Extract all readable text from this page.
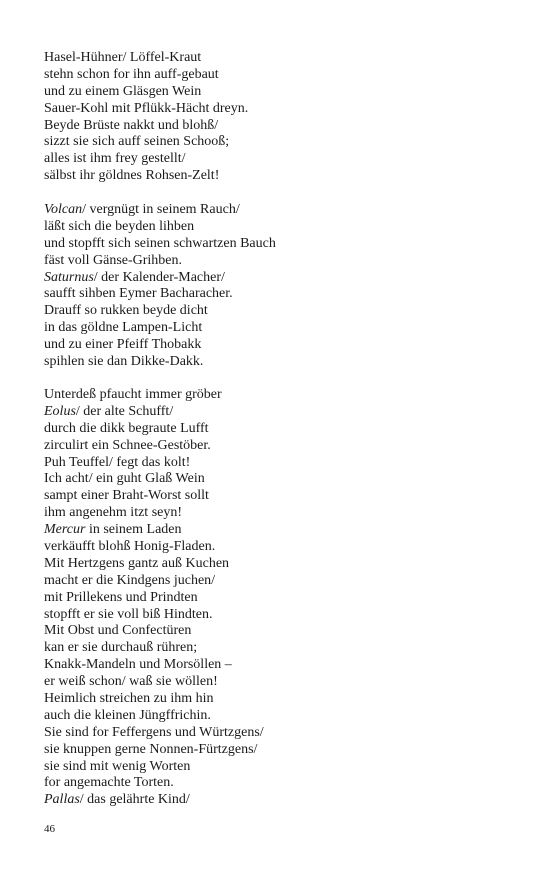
Hasel-Hühner/ Löffel-Kraut
stehn schon for ihn auff-gebaut
und zu einem Gläsgen Wein
Sauer-Kohl mit Pflükk-Hächt dreyn.
Beyde Brüste nakkt und blohß/
sizzt sie sich auff seinen Schooß;
alles ist ihm frey gestellt/
sälbst ihr göldnes Rohsen-Zelt!
Volcan/ vergnügt in seinem Rauch/
läßt sich die beyden lihben
und stopfft sich seinen schwartzen Bauch
fäst voll Gänse-Grihben.
Saturnus/ der Kalender-Macher/
saufft sihben Eymer Bacharacher.
Drauff so rukken beyde dicht
in das göldne Lampen-Licht
und zu einer Pfeiff Thobakk
spihlen sie dan Dikke-Dakk.
Unterdeß pfaucht immer gröber
Eolus/ der alte Schufft/
durch die dikk begraute Lufft
zirculirt ein Schnee-Gestöber.
Puh Teuffel/ fegt das kolt!
Ich acht/ ein guht Glaß Wein
sampt einer Braht-Worst sollt
ihm angenehm itzt seyn!
Mercur in seinem Laden
verkäufft blohß Honig-Fladen.
Mit Hertzgens gantz auß Kuchen
macht er die Kindgens juchen/
mit Prillekens und Prindten
stopfft er sie voll biß Hindten.
Mit Obst und Confectüren
kan er sie durchauß rühren;
Knakk-Mandeln und Morsöllen –
er weiß schon/ waß sie wöllen!
Heimlich streichen zu ihm hin
auch die kleinen Jüngffrichin.
Sie sind for Feffergens und Würtzgens/
sie knuppen gerne Nonnen-Fürtzgens/
sie sind mit wenig Worten
for angemachte Torten.
Pallas/ das gelährte Kind/
46
